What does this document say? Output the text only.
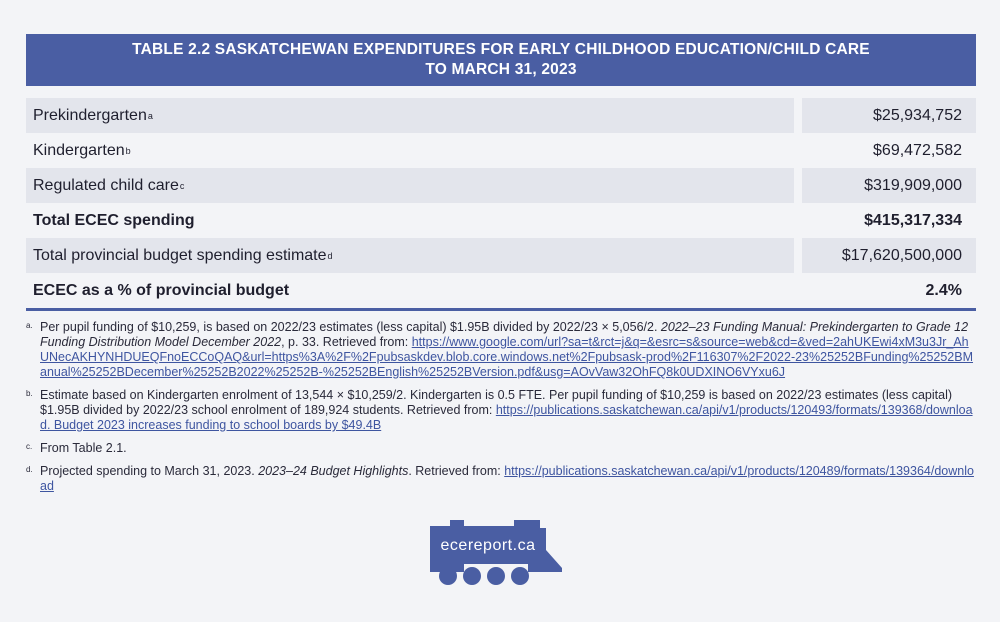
TABLE 2.2 SASKATCHEWAN EXPENDITURES FOR EARLY CHILDHOOD EDUCATION/CHILD CARE
TO MARCH 31, 2023
Prekindergarten a	$25,934,752
Kindergarten b	$69,472,582
Regulated child care c	$319,909,000
Total ECEC spending	$415,317,334
Total provincial budget spending estimate d	$17,620,500,000
ECEC as a % of provincial budget	2.4%
a. Per pupil funding of $10,259, is based on 2022/23 estimates (less capital) $1.95B divided by 2022/23 × 5,056/2. 2022–23 Funding Manual: Prekindergarten to Grade 12 Funding Distribution Model December 2022, p. 33. Retrieved from: https://www.google.com/url?sa=t&rct=j&q=&esrc=s&source=web&cd=&ved=2ahUKEwi4xM3u3Jr_AhUNecAKHYNHDUEQFnoECCoQAQ&url=https%3A%2F%2Fpubsaskdev.blob.core.windows.net%2Fpubsask-prod%2F116307%2F2022-23%25252BFunding%25252BManual%25252BDecember%25252B2022%25252B-%25252BEnglish%25252BVersion.pdf&usg=AOvVaw32OhFQ8k0UDXINO6VYxu6J
b. Estimate based on Kindergarten enrolment of 13,544 × $10,259/2. Kindergarten is 0.5 FTE. Per pupil funding of $10,259 is based on 2022/23 estimates (less capital) $1.95B divided by 2022/23 school enrolment of 189,924 students. Retrieved from: https://publications.saskatchewan.ca/api/v1/products/120493/formats/139368/download. Budget 2023 increases funding to school boards by $49.4B
c. From Table 2.1.
d. Projected spending to March 31, 2023. 2023–24 Budget Highlights. Retrieved from: https://publications.saskatchewan.ca/api/v1/products/120489/formats/139364/download
ecereport.ca
